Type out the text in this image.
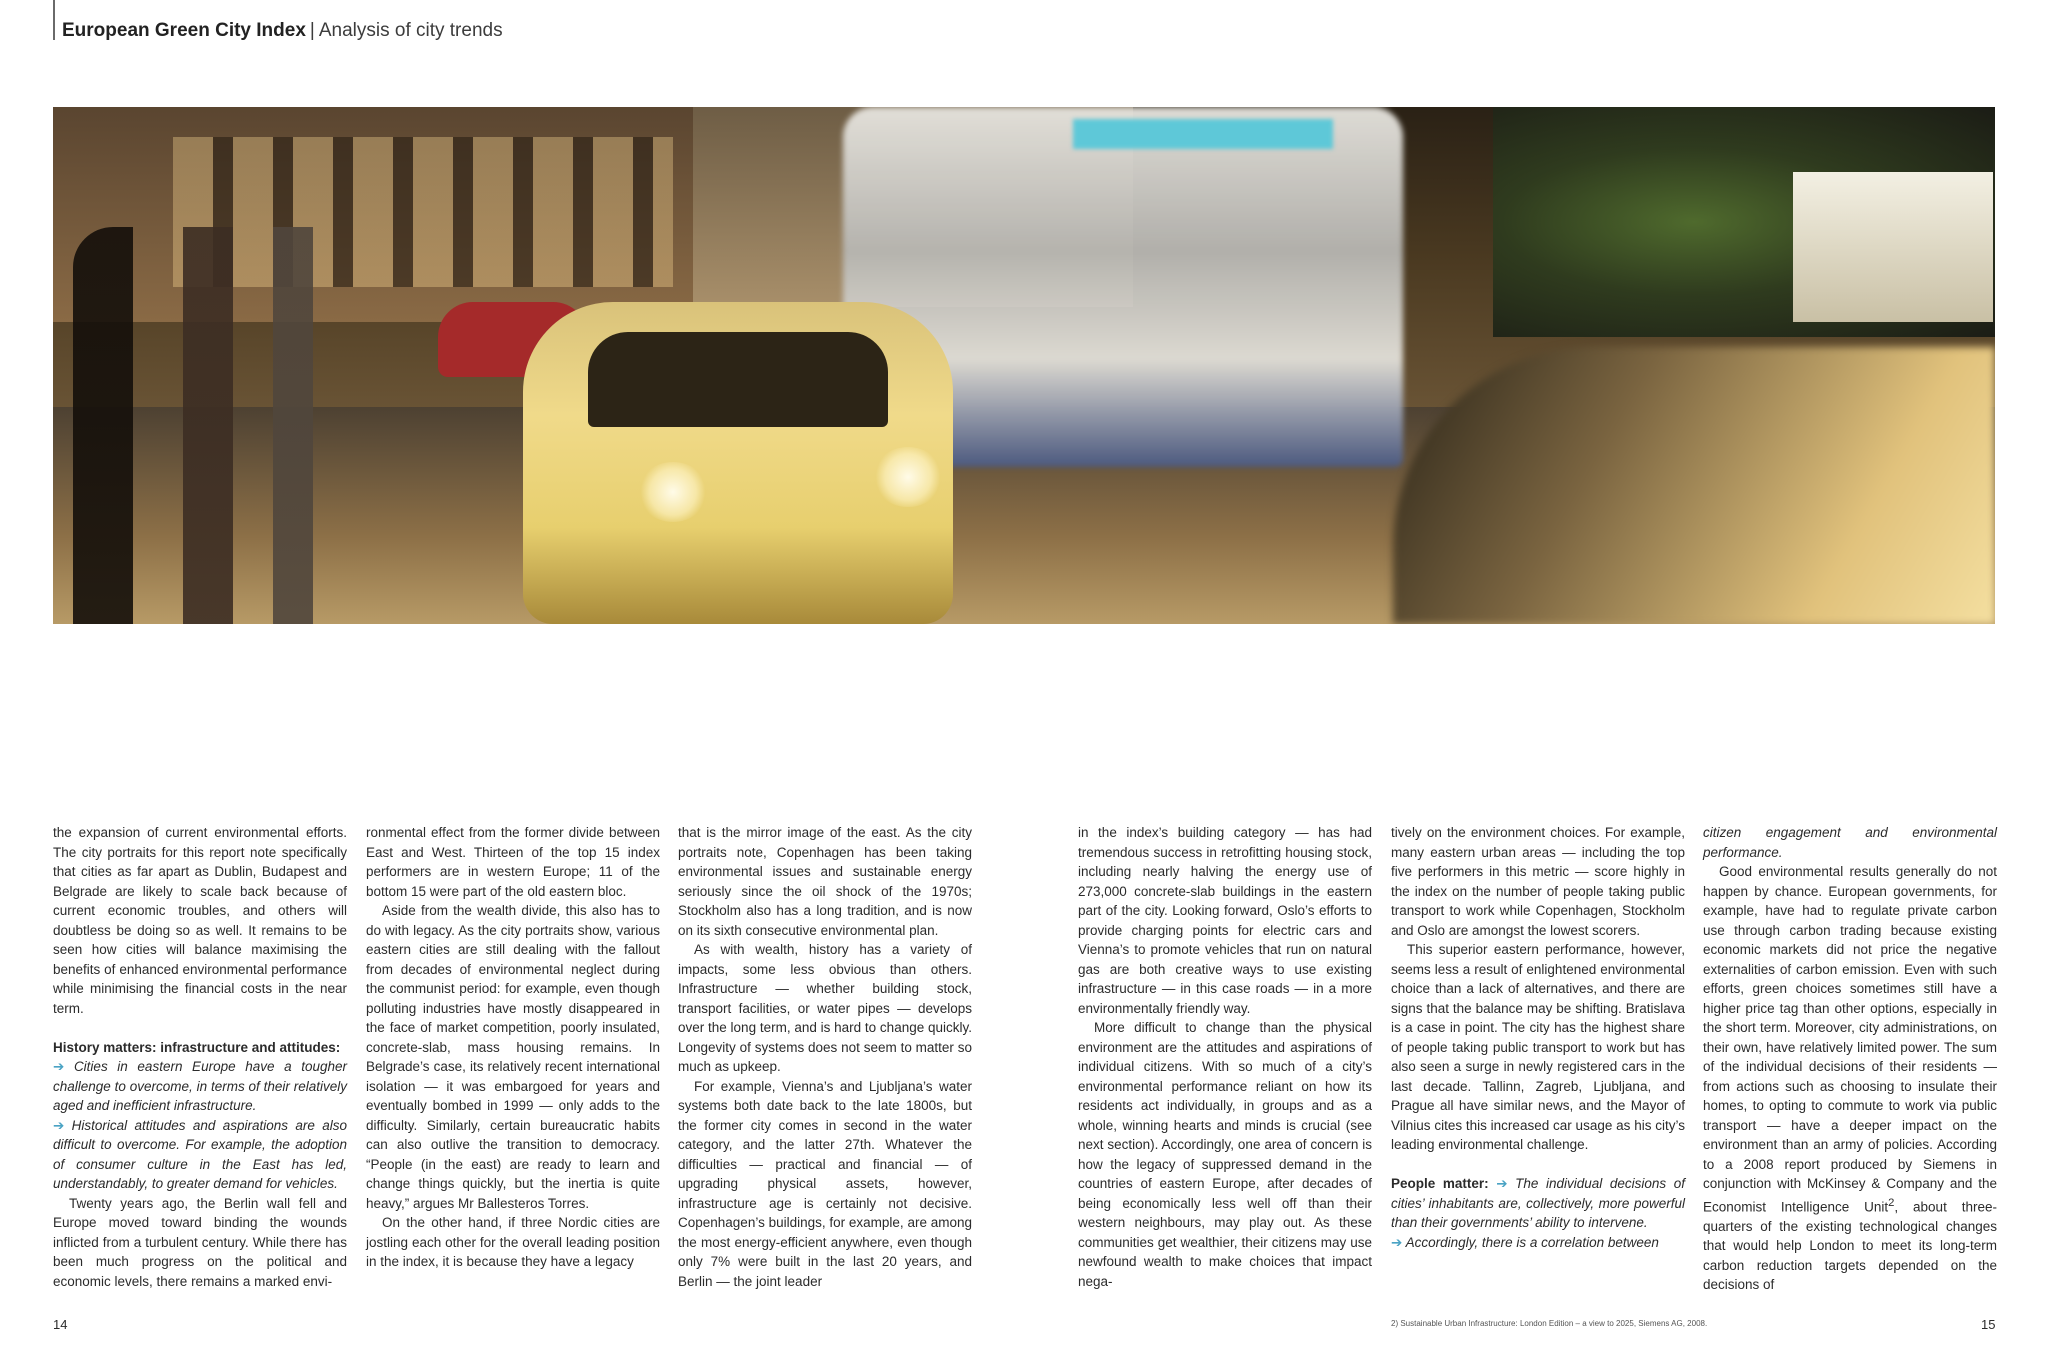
European Green City Index | Analysis of city trends

the expansion of current environmental efforts. The city portraits for this report note specifically that cities as far apart as Dublin, Budapest and Belgrade are likely to scale back because of current economic troubles, and others will doubtless be doing so as well. It remains to be seen how cities will balance maximising the benefits of enhanced environmental performance while minimising the financial costs in the near term.

History matters: infrastructure and attitudes:

➔ Cities in eastern Europe have a tougher challenge to overcome, in terms of their relatively aged and inefficient infrastructure.

➔ Historical attitudes and aspirations are also difficult to overcome. For example, the adoption of consumer culture in the East has led, understandably, to greater demand for vehicles.

Twenty years ago, the Berlin wall fell and Europe moved toward binding the wounds inflicted from a turbulent century. While there has been much progress on the political and economic levels, there remains a marked envi-

ronmental effect from the former divide between East and West. Thirteen of the top 15 index performers are in western Europe; 11 of the bottom 15 were part of the old eastern bloc.

Aside from the wealth divide, this also has to do with legacy. As the city portraits show, various eastern cities are still dealing with the fallout from decades of environmental neglect during the communist period: for example, even though polluting industries have mostly disappeared in the face of market competition, poorly insulated, concrete-slab, mass housing remains. In Belgrade’s case, its relatively recent international isolation — it was embargoed for years and eventually bombed in 1999 — only adds to the difficulty. Similarly, certain bureaucratic habits can also outlive the transition to democracy. “People (in the east) are ready to learn and change things quickly, but the inertia is quite heavy,” argues Mr Ballesteros Torres.

On the other hand, if three Nordic cities are jostling each other for the overall leading position in the index, it is because they have a legacy

that is the mirror image of the east. As the city portraits note, Copenhagen has been taking environmental issues and sustainable energy seriously since the oil shock of the 1970s; Stockholm also has a long tradition, and is now on its sixth consecutive environmental plan.

As with wealth, history has a variety of impacts, some less obvious than others. Infrastructure — whether building stock, transport facilities, or water pipes — develops over the long term, and is hard to change quickly. Longevity of systems does not seem to matter so much as upkeep.

For example, Vienna’s and Ljubljana’s water systems both date back to the late 1800s, but the former city comes in second in the water category, and the latter 27th. Whatever the difficulties — practical and financial — of upgrading physical assets, however, infrastructure age is certainly not decisive. Copenhagen’s buildings, for example, are among the most energy-efficient anywhere, even though only 7% were built in the last 20 years, and Berlin — the joint leader

in the index’s building category — has had tremendous success in retrofitting housing stock, including nearly halving the energy use of 273,000 concrete-slab buildings in the eastern part of the city. Looking forward, Oslo’s efforts to provide charging points for electric cars and Vienna’s to promote vehicles that run on natural gas are both creative ways to use existing infrastructure — in this case roads — in a more environmentally friendly way.

More difficult to change than the physical environment are the attitudes and aspirations of individual citizens. With so much of a city’s environmental performance reliant on how its residents act individually, in groups and as a whole, winning hearts and minds is crucial (see next section). Accordingly, one area of concern is how the legacy of suppressed demand in the countries of eastern Europe, after decades of being economically less well off than their western neighbours, may play out. As these communities get wealthier, their citizens may use newfound wealth to make choices that impact nega-

tively on the environment choices. For example, many eastern urban areas — including the top five performers in this metric — score highly in the index on the number of people taking public transport to work while Copenhagen, Stockholm and Oslo are amongst the lowest scorers.

This superior eastern performance, however, seems less a result of enlightened environmental choice than a lack of alternatives, and there are signs that the balance may be shifting. Bratislava is a case in point. The city has the highest share of people taking public transport to work but has also seen a surge in newly registered cars in the last decade. Tallinn, Zagreb, Ljubljana, and Prague all have similar news, and the Mayor of Vilnius cites this increased car usage as his city’s leading environmental challenge.

People matter: ➔ The individual decisions of cities’ inhabitants are, collectively, more powerful than their governments’ ability to intervene.

➔ Accordingly, there is a correlation between

citizen engagement and environmental performance.

Good environmental results generally do not happen by chance. European governments, for example, have had to regulate private carbon use through carbon trading because existing economic markets did not price the negative externalities of carbon emission. Even with such efforts, green choices sometimes still have a higher price tag than other options, especially in the short term. Moreover, city administrations, on their own, have relatively limited power. The sum of the individual decisions of their residents — from actions such as choosing to insulate their homes, to opting to commute to work via public transport — have a deeper impact on the environment than an army of policies. According to a 2008 report produced by Siemens in conjunction with McKinsey & Company and the Economist Intelligence Unit$^2$, about three-quarters of the existing technological changes that would help London to meet its long-term carbon reduction targets depended on the decisions of

14	2) Sustainable Urban Infrastructure: London Edition – a view to 2025, Siemens AG, 2008.	15
